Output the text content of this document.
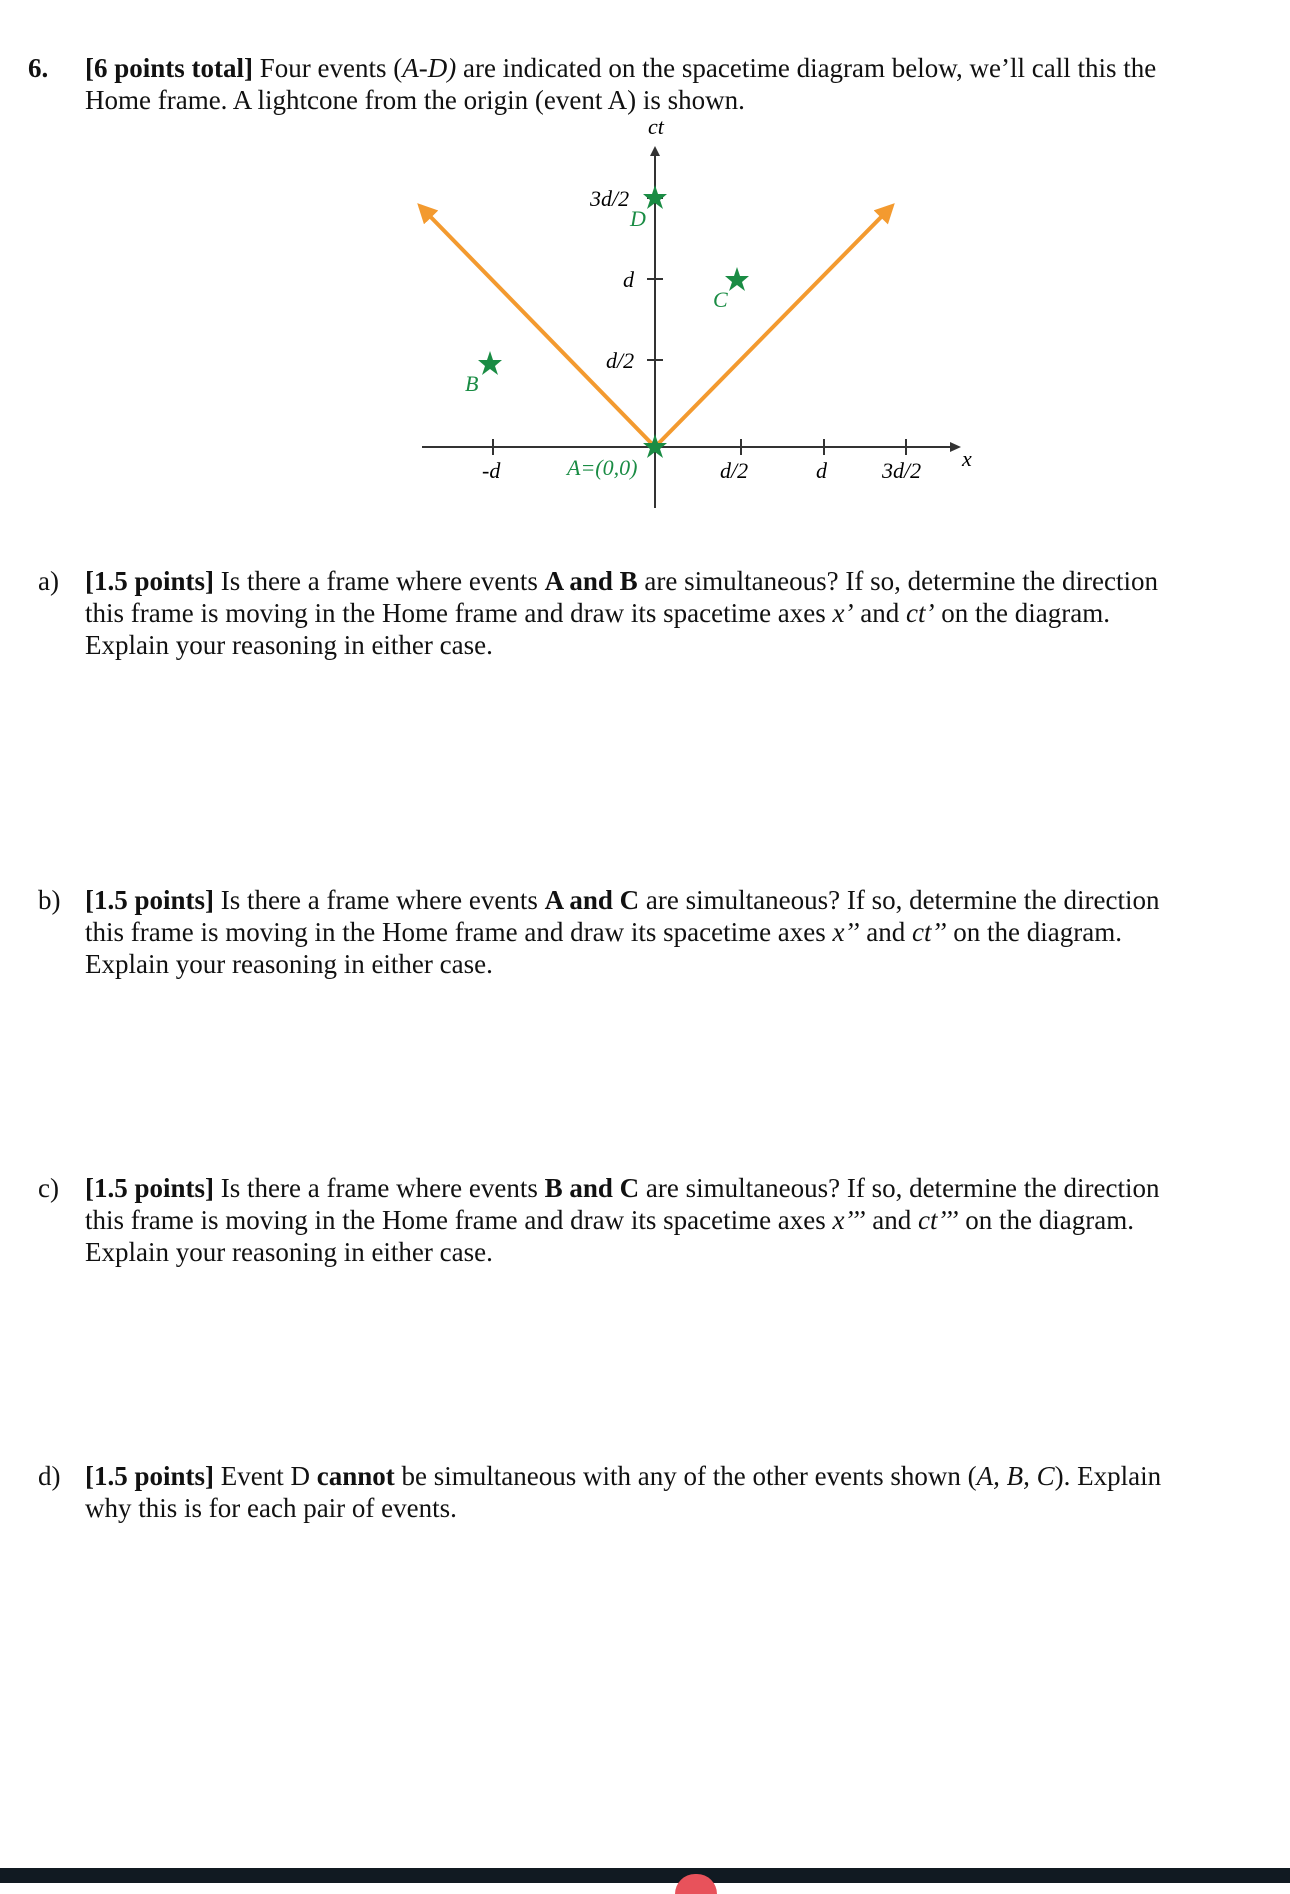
6. [6 points total] Four events (A-D) are indicated on the spacetime diagram below, we’ll call this the
Home frame. A lightcone from the origin (event A) is shown.
ct
x
3d/2
d
d/2
-d	d/2	d	3d/2
A=(0,0)
D
C
B
a) [1.5 points] Is there a frame where events A and B are simultaneous? If so, determine the direction
this frame is moving in the Home frame and draw its spacetime axes x’ and ct’ on the diagram.
Explain your reasoning in either case.
b) [1.5 points] Is there a frame where events A and C are simultaneous? If so, determine the direction
this frame is moving in the Home frame and draw its spacetime axes x’’ and ct’’ on the diagram.
Explain your reasoning in either case.
c) [1.5 points] Is there a frame where events B and C are simultaneous? If so, determine the direction
this frame is moving in the Home frame and draw its spacetime axes x’’’ and ct’’’ on the diagram.
Explain your reasoning in either case.
d) [1.5 points] Event D cannot be simultaneous with any of the other events shown (A, B, C). Explain
why this is for each pair of events.
